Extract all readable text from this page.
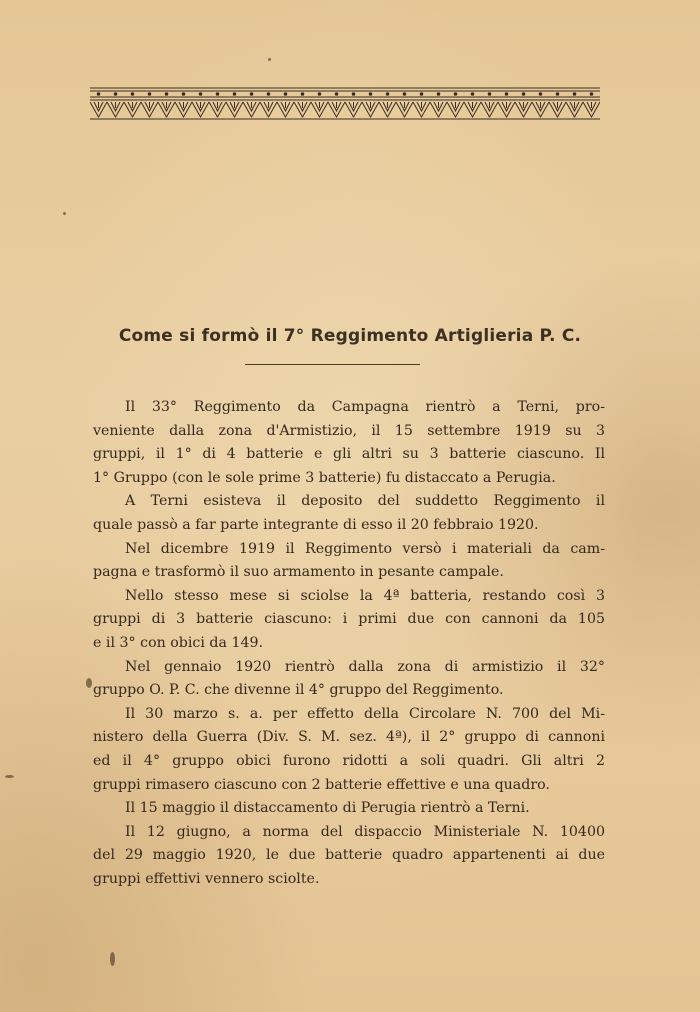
Come si formò il 7° Reggimento Artiglieria P. C.
Il 33° Reggimento da Campagna rientrò a Terni, pro-
veniente dalla zona d'Armistizio, il 15 settembre 1919 su 3
gruppi, il 1° di 4 batterie e gli altri su 3 batterie ciascuno. Il
1° Gruppo (con le sole prime 3 batterie) fu distaccato a Perugia.
A Terni esisteva il deposito del suddetto Reggimento il
quale passò a far parte integrante di esso il 20 febbraio 1920.
Nel dicembre 1919 il Reggimento versò i materiali da cam-
pagna e trasformò il suo armamento in pesante campale.
Nello stesso mese si sciolse la 4ª batteria, restando così 3
gruppi di 3 batterie ciascuno: i primi due con cannoni da 105
e il 3° con obici da 149.
Nel gennaio 1920 rientrò dalla zona di armistizio il 32°
gruppo O. P. C. che divenne il 4° gruppo del Reggimento.
Il 30 marzo s. a. per effetto della Circolare N. 700 del Mi-
nistero della Guerra (Div. S. M. sez. 4ª), il 2° gruppo di cannoni
ed il 4° gruppo obici furono ridotti a soli quadri. Gli altri 2
gruppi rimasero ciascuno con 2 batterie effettive e una quadro.
Il 15 maggio il distaccamento di Perugia rientrò a Terni.
Il 12 giugno, a norma del dispaccio Ministeriale N. 10400
del 29 maggio 1920, le due batterie quadro appartenenti ai due
gruppi effettivi vennero sciolte.
